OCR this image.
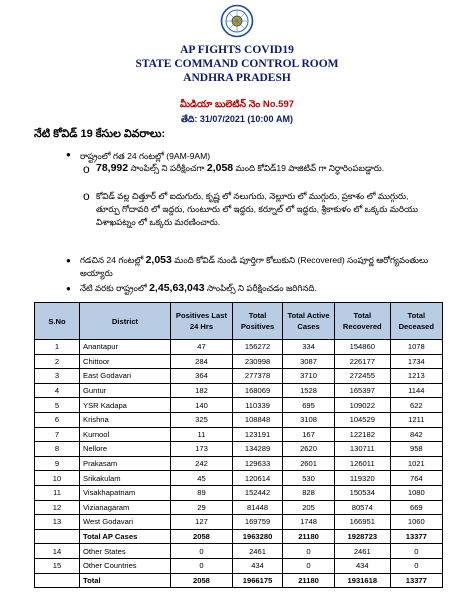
AP FIGHTS COVID19
STATE COMMAND CONTROL ROOM
ANDHRA PRADESH
మీడియా బులెటిన్ నెం No.597
తేది: 31/07/2021 (10:00 AM)
నేటి కోవిడ్ 19 కేసుల వివరాలు:
● రాష్ట్రంలో గత 24 గంటల్లో (9AM-9AM)
o 78,992 సాంపిల్స్ ని పరీక్షించగా 2,058 మంది కోవిడ్19 పాజిటివ్ గా నిర్ధారింపబడ్డారు.
o కోవిడ్ వల్ల చిత్తూర్ లో ఐదుగురు, కృష్ణ లో నలుగురు, నెల్లూరు లో ముగ్గురు, ప్రకాశం లో ముగ్గురు, తూర్పు గోదావరి లో ఇద్దరు, గుంటూరు లో ఇద్దరు, కర్నూల్ లో ఇద్దరు, శ్రీకాకుళం లో ఒక్కరు మరియు విశాఖపట్నం లో ఒక్కరు మరణించారు.
● గడచిన 24 గంటల్లో 2,053 మంది కోవిడ్ నుండి పూర్తిగా కోలుకుని (Recovered) సంపూర్ణ ఆరోగ్యవంతులు అయ్యారు
● నేటి వరకు రాష్ట్రంలో 2,45,63,043 సాంపిల్స్ ని పరీక్షించడం జరిగినది.
S.No	District	Positives Last 24 Hrs	Total Positives	Total Active Cases	Total Recovered	Total Deceased
1	Anantapur	47	156272	334	154860	1078
2	Chittoor	284	230998	3087	226177	1734
3	East Godavari	364	277378	3710	272455	1213
4	Guntur	182	168069	1528	165397	1144
5	YSR Kadapa	140	110339	695	109022	622
6	Krishna	325	108848	3108	104529	1211
7	Kurnool	11	123191	167	122182	842
8	Nellore	173	134289	2620	130711	958
9	Prakasam	242	129633	2601	126011	1021
10	Srikakulam	45	120614	530	119320	764
11	Visakhapatnam	89	152442	828	150534	1080
12	Vizianagaram	29	81448	205	80574	669
13	West Godavari	127	169759	1748	166951	1060
	Total AP Cases	2058	1963280	21180	1928723	13377
14	Other States	0	2461	0	2461	0
15	Other Countries	0	434	0	434	0
	Total	2058	1966175	21180	1931618	13377
